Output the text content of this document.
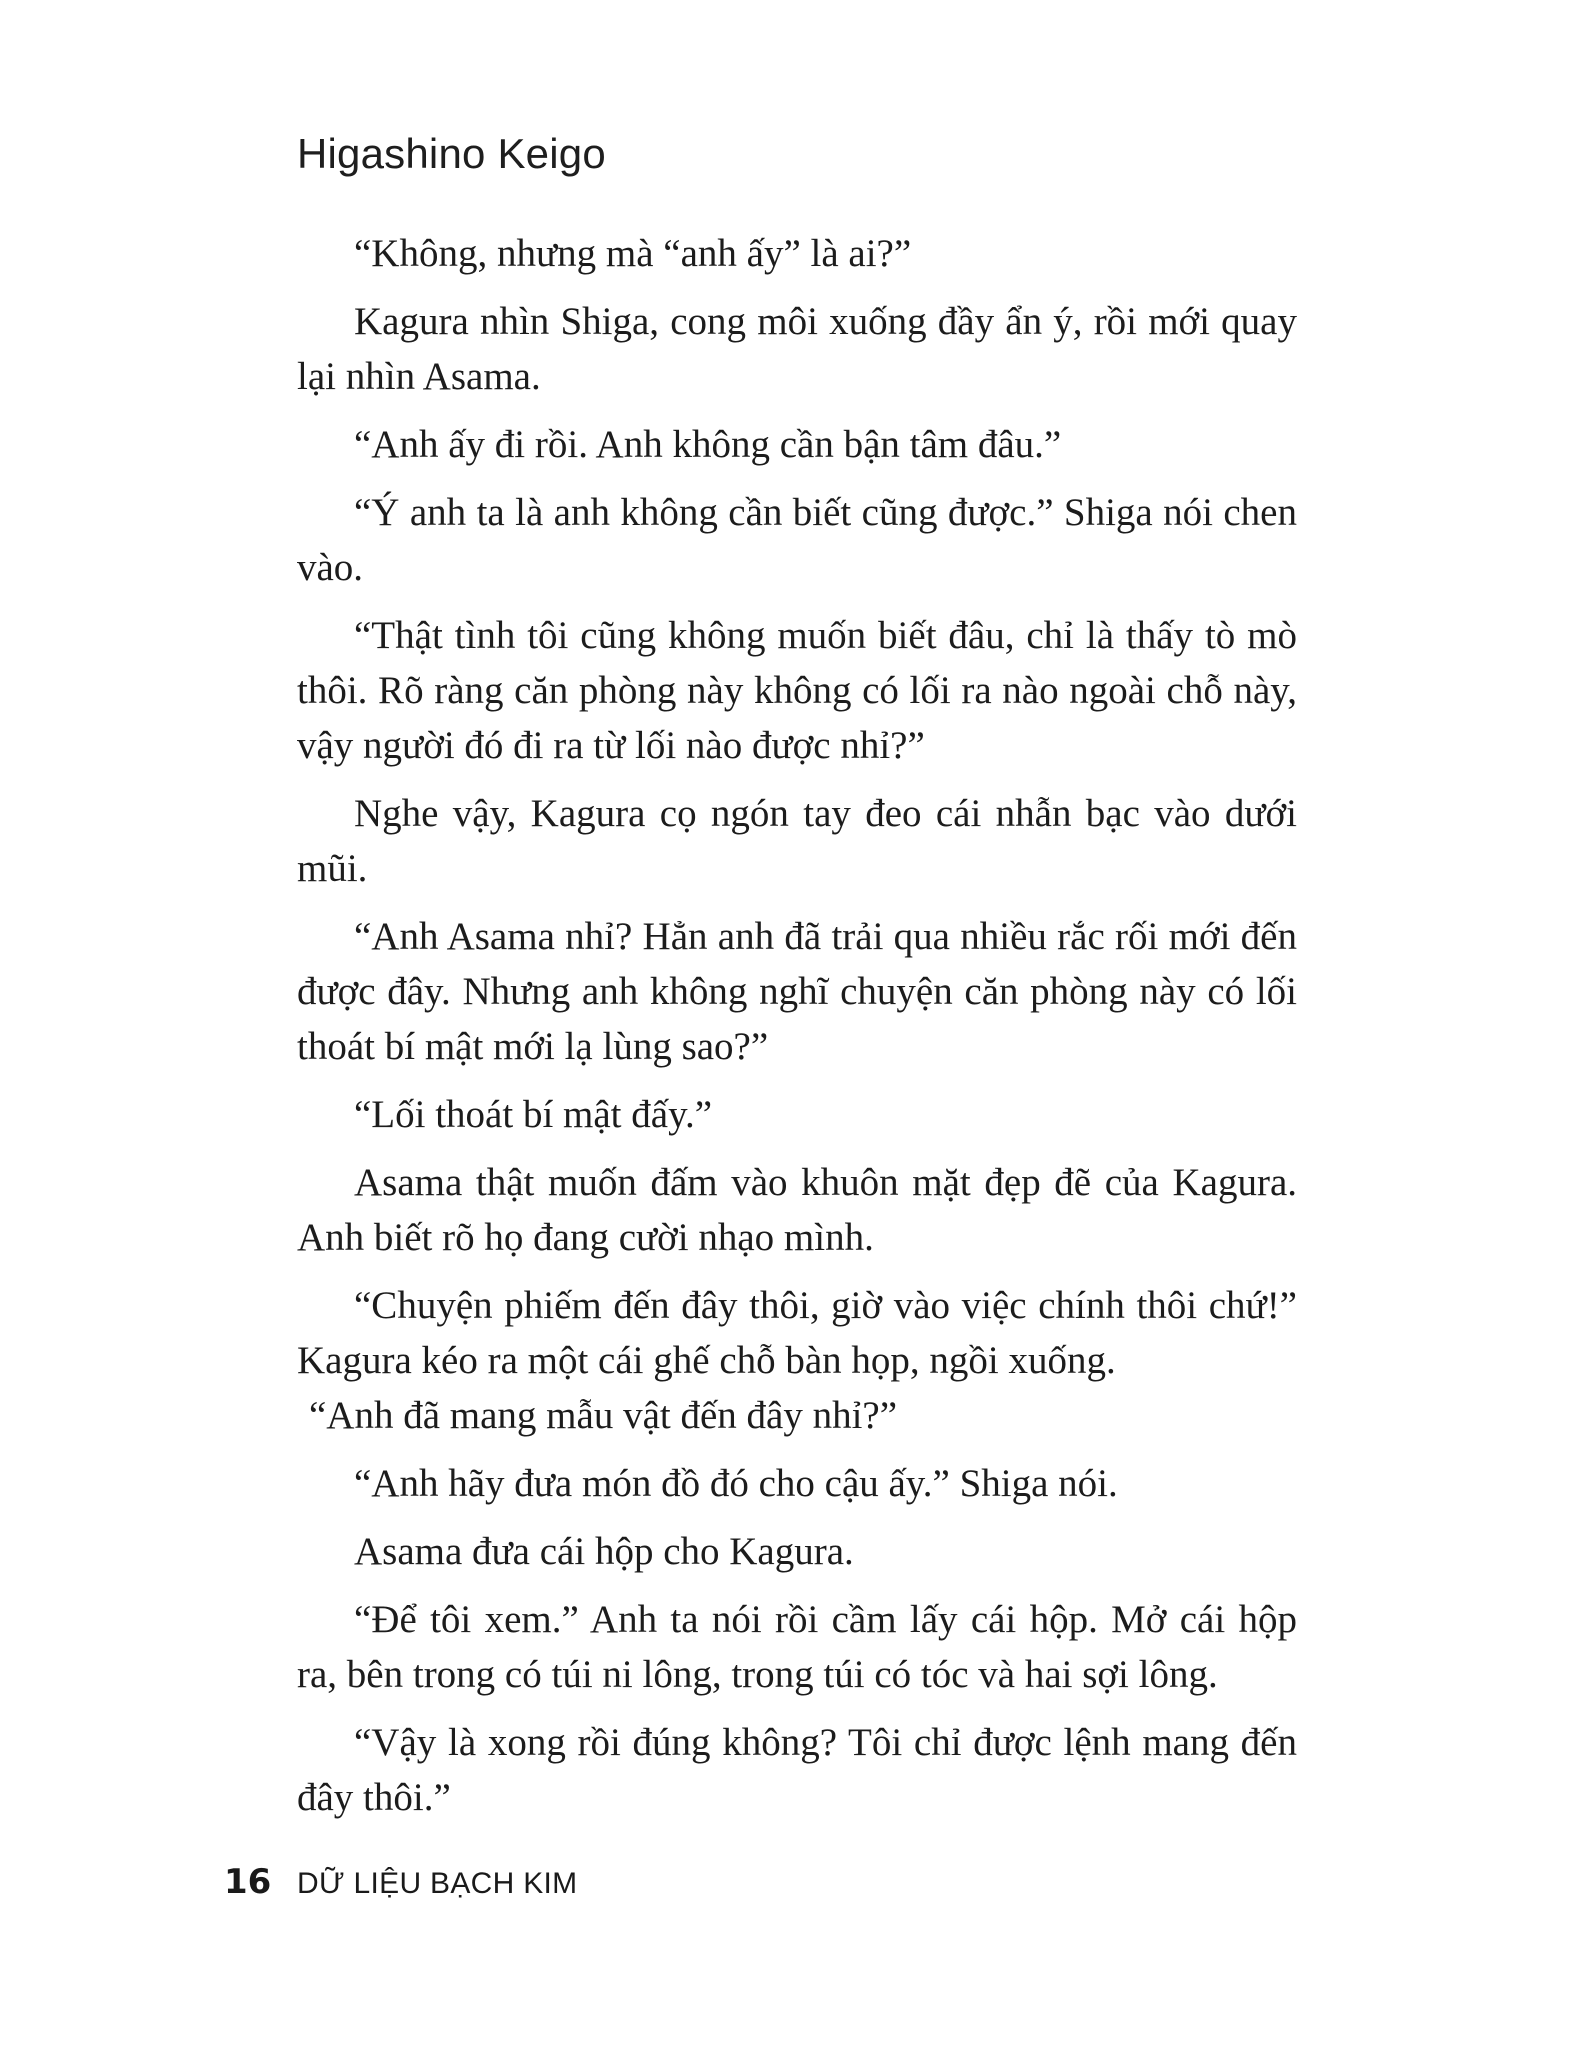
Higashino Keigo

“Không, nhưng mà “anh ấy” là ai?”

Kagura nhìn Shiga, cong môi xuống đầy ẩn ý, rồi mới quay lại nhìn Asama.

“Anh ấy đi rồi. Anh không cần bận tâm đâu.”

“Ý anh ta là anh không cần biết cũng được.” Shiga nói chen vào.

“Thật tình tôi cũng không muốn biết đâu, chỉ là thấy tò mò thôi. Rõ ràng căn phòng này không có lối ra nào ngoài chỗ này, vậy người đó đi ra từ lối nào được nhỉ?”

Nghe vậy, Kagura cọ ngón tay đeo cái nhẫn bạc vào dưới mũi.

“Anh Asama nhỉ? Hẳn anh đã trải qua nhiều rắc rối mới đến được đây. Nhưng anh không nghĩ chuyện căn phòng này có lối thoát bí mật mới lạ lùng sao?”

“Lối thoát bí mật đấy.”

Asama thật muốn đấm vào khuôn mặt đẹp đẽ của Kagura. Anh biết rõ họ đang cười nhạo mình.

“Chuyện phiếm đến đây thôi, giờ vào việc chính thôi chứ!” Kagura kéo ra một cái ghế chỗ bàn họp, ngồi xuống.

“Anh đã mang mẫu vật đến đây nhỉ?”

“Anh hãy đưa món đồ đó cho cậu ấy.” Shiga nói.

Asama đưa cái hộp cho Kagura.

“Để tôi xem.” Anh ta nói rồi cầm lấy cái hộp. Mở cái hộp ra, bên trong có túi ni lông, trong túi có tóc và hai sợi lông.

“Vậy là xong rồi đúng không? Tôi chỉ được lệnh mang đến đây thôi.”

16 DỮ LIỆU BẠCH KIM
